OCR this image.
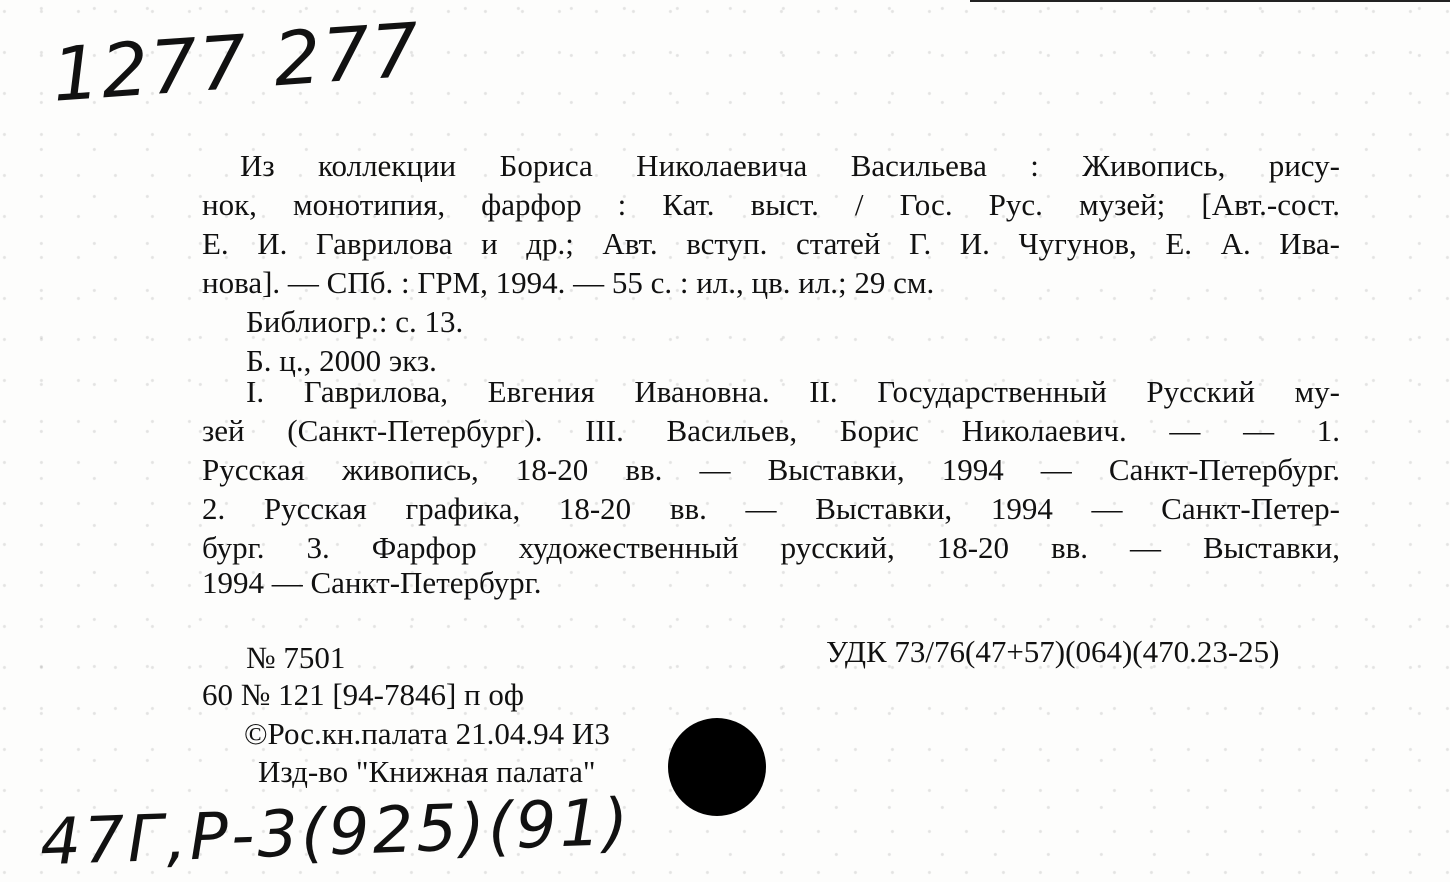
1277 277
Из коллекции Бориса Николаевича Васильева : Живопись, рису-
нок, монотипия, фарфор : Кат. выст. / Гос. Рус. музей; [Авт.-сост.
Е. И. Гаврилова и др.; Авт. вступ. статей Г. И. Чугунов, Е. А. Ива-
нова]. — СПб. : ГРМ, 1994. — 55 с. : ил., цв. ил.; 29 см.
Библиогр.: с. 13.
Б. ц., 2000 экз.
I. Гаврилова, Евгения Ивановна. II. Государственный Русский му-
зей (Санкт-Петербург). III. Васильев, Борис Николаевич. — — 1.
Русская живопись, 18-20 вв. — Выставки, 1994 — Санкт-Петербург.
2. Русская графика, 18-20 вв. — Выставки, 1994 — Санкт-Петер-
бург. 3. Фарфор художественный русский, 18-20 вв. — Выставки,
1994 — Санкт-Петербург.
№ 7501	УДК 73/76(47+57)(064)(470.23-25)
60 № 121 [94-7846] п оф
©Рос.кн.палата 21.04.94 И3
Изд-во "Книжная палата"
47Г,Р-3(925)(91)
